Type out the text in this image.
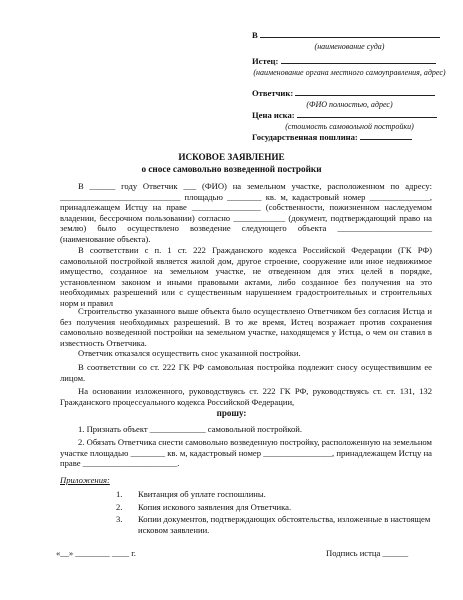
В
(наименование суда)
Истец:
(наименование органа местного самоуправления, адрес)
Ответчик:
(ФИО полностью, адрес)
Цена иска:
(стоимость самовольной постройки)
Государственная пошлина:
ИСКОВОЕ ЗАЯВЛЕНИЕ
о сносе самовольно возведенной постройки
В ______ году Ответчик ___ (ФИО) на земельном участке, расположенном по адресу: ____________________________ площадью ________ кв. м, кадастровый номер ______________, принадлежащем Истцу на праве ________________ (собственности, пожизненном наследуемом владении, бессрочном пользовании) согласно ____________ (документ, подтверждающий право на землю) было осуществлено возведение следующего объекта ______________________ (наименование объекта).
В соответствии с п. 1 ст. 222 Гражданского кодекса Российской Федерации (ГК РФ) самовольной постройкой является жилой дом, другое строение, сооружение или иное недвижимое имущество, созданное на земельном участке, не отведенном для этих целей в порядке, установленном законом и иными правовыми актами, либо созданное без получения на это необходимых разрешений или с существенным нарушением градостроительных и строительных норм и правил
Строительство указанного выше объекта было осуществлено Ответчиком без согласия Истца и без получения необходимых разрешений. В то же время, Истец возражает против сохранения самовольно возведенной постройки на земельном участке, находящемся у Истца, о чем он ставил в известность Ответчика.
Ответчик отказался осуществить снос указанной постройки.
В соответствии со ст. 222 ГК РФ самовольная постройка подлежит сносу осуществившим ее лицом.
На основании изложенного, руководствуясь ст. 222 ГК РФ, руководствуясь ст. ст. 131, 132 Гражданского процессуального кодекса Российской Федерации,
прошу:
1. Признать объект _____________ самовольной постройкой.
2. Обязать Ответчика снести самовольно возведенную постройку, расположенную на земельном участке площадью ________ кв. м, кадастровый номер ________________, принадлежащем Истцу на праве ______________________.
Приложения:
1.	Квитанция об уплате госпошлины.
2.	Копия искового заявления для Ответчика.
3.	Копии документов, подтверждающих обстоятельства, изложенные в настоящем исковом заявлении.
«__» ________ ____ г.	Подпись истца ______
